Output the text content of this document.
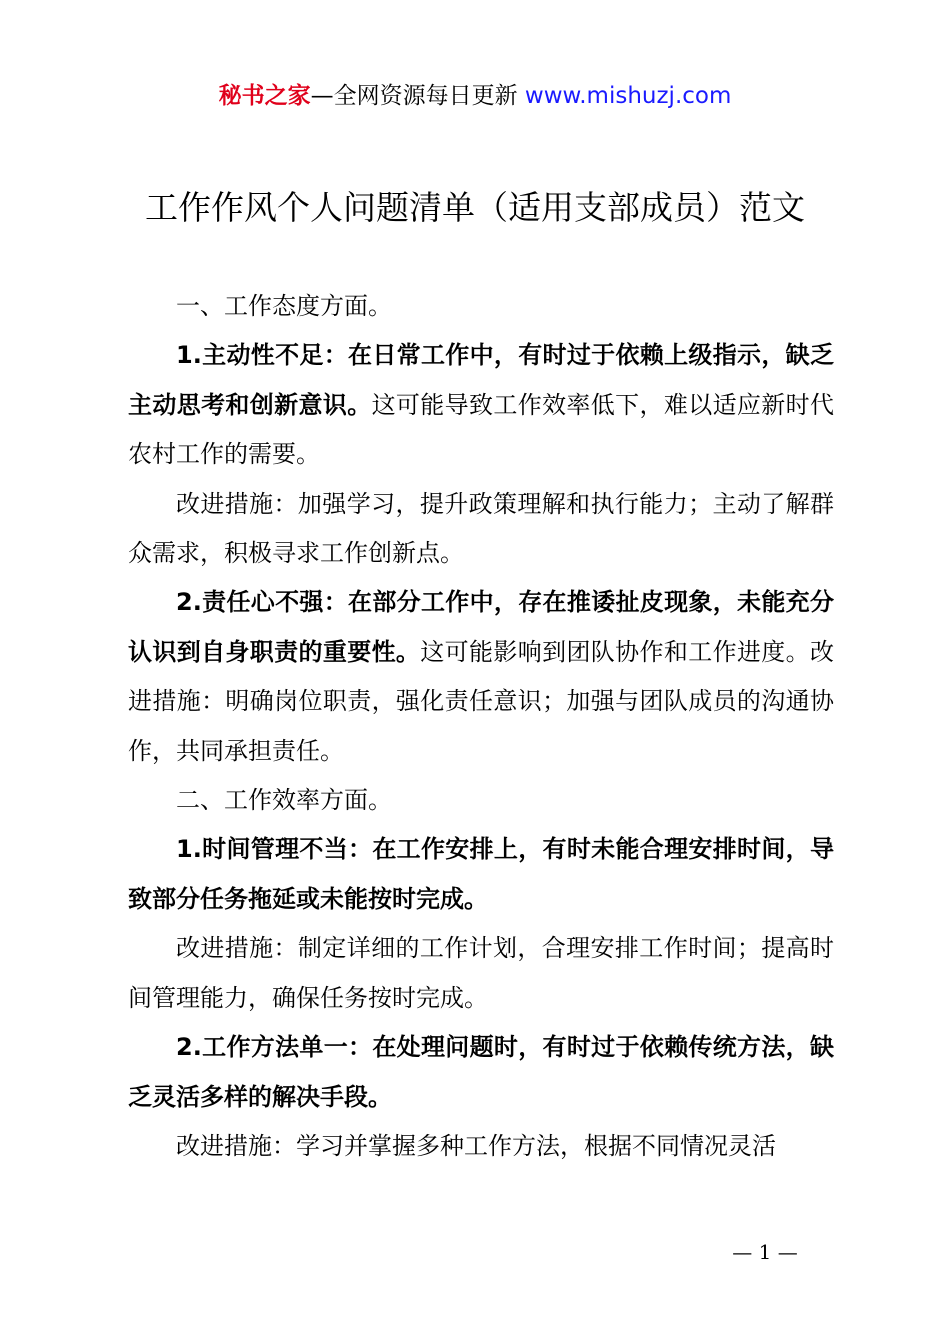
秘书之家—全网资源每日更新 www.mishuzj.com
工作作风个人问题清单（适用支部成员）范文

一、工作态度方面。

1.主动性不足：在日常工作中，有时过于依赖上级指示，缺乏主动思考和创新意识。这可能导致工作效率低下，难以适应新时代农村工作的需要。

改进措施：加强学习，提升政策理解和执行能力；主动了解群众需求，积极寻求工作创新点。

2.责任心不强：在部分工作中，存在推诿扯皮现象，未能充分认识到自身职责的重要性。这可能影响到团队协作和工作进度。改进措施：明确岗位职责，强化责任意识；加强与团队成员的沟通协作，共同承担责任。

二、工作效率方面。

1.时间管理不当：在工作安排上，有时未能合理安排时间，导致部分任务拖延或未能按时完成。

改进措施：制定详细的工作计划，合理安排工作时间；提高时间管理能力，确保任务按时完成。

2.工作方法单一：在处理问题时，有时过于依赖传统方法，缺乏灵活多样的解决手段。

改进措施：学习并掌握多种工作方法，根据不同情况灵活

— 1 —
